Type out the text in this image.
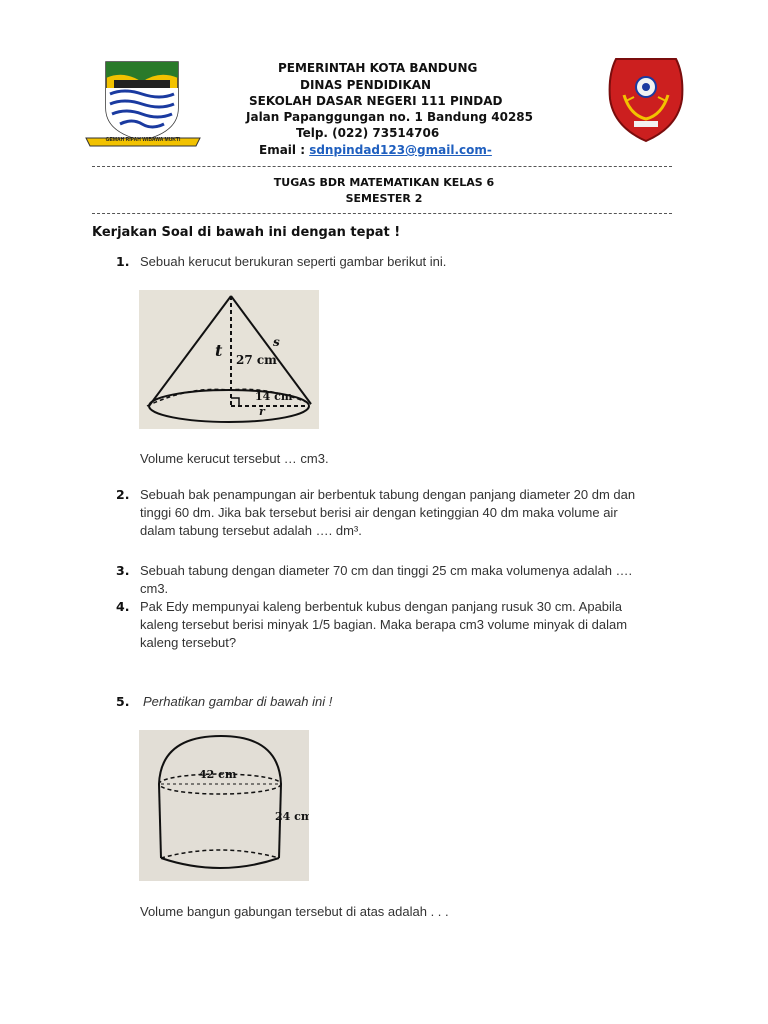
GEMAH RIPAH WIBAWA MUKTI
PEMERINTAH KOTA BANDUNG
DINAS PENDIDIKAN
SEKOLAH DASAR NEGERI 111 PINDAD
Jalan Papanggungan no. 1 Bandung 40285
Telp. (022) 73514706
Email : sdnpindad123@gmail.com-
TUGAS BDR MATEMATIKAN KELAS 6
SEMESTER 2
Kerjakan Soal di bawah ini dengan tepat !
1. Sebuah kerucut berukuran seperti gambar berikut ini.
t 27 cm
s
14 cm
r
Volume kerucut tersebut … cm3.
2. Sebuah bak penampungan air berbentuk tabung dengan panjang diameter 20 dm dan
tinggi 60 dm. Jika bak tersebut berisi air dengan ketinggian 40 dm maka volume air
dalam tabung tersebut adalah …. dm³.
3. Sebuah tabung dengan diameter 70 cm dan tinggi 25 cm maka volumenya adalah ….
cm3.
4. Pak Edy mempunyai kaleng berbentuk kubus dengan panjang rusuk 30 cm. Apabila
kaleng tersebut berisi minyak 1/5 bagian. Maka berapa cm3 volume minyak di dalam
kaleng tersebut?
5. Perhatikan gambar di bawah ini !
42 cm
24 cm
Volume bangun gabungan tersebut di atas adalah . . .
